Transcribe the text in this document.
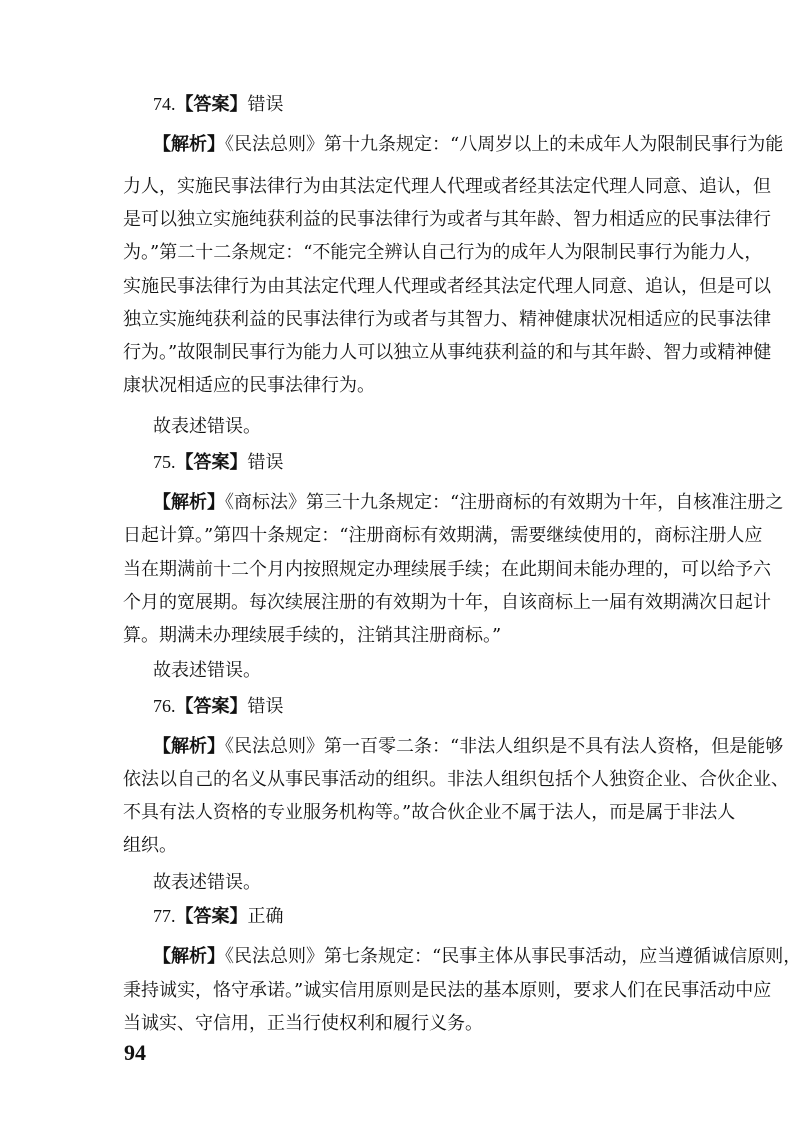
74.【答案】错误
【解析】《民法总则》第十九条规定：“八周岁以上的未成年人为限制民事行为能
力人，实施民事法律行为由其法定代理人代理或者经其法定代理人同意、追认，但
是可以独立实施纯获利益的民事法律行为或者与其年龄、智力相适应的民事法律行
为。”第二十二条规定：“不能完全辨认自己行为的成年人为限制民事行为能力人，
实施民事法律行为由其法定代理人代理或者经其法定代理人同意、追认，但是可以
独立实施纯获利益的民事法律行为或者与其智力、精神健康状况相适应的民事法律
行为。”故限制民事行为能力人可以独立从事纯获利益的和与其年龄、智力或精神健
康状况相适应的民事法律行为。
故表述错误。
75.【答案】错误
【解析】《商标法》第三十九条规定：“注册商标的有效期为十年，自核准注册之
日起计算。”第四十条规定：“注册商标有效期满，需要继续使用的，商标注册人应
当在期满前十二个月内按照规定办理续展手续；在此期间未能办理的，可以给予六
个月的宽展期。每次续展注册的有效期为十年，自该商标上一届有效期满次日起计
算。期满未办理续展手续的，注销其注册商标。”
故表述错误。
76.【答案】错误
【解析】《民法总则》第一百零二条：“非法人组织是不具有法人资格，但是能够
依法以自己的名义从事民事活动的组织。非法人组织包括个人独资企业、合伙企业、
不具有法人资格的专业服务机构等。”故合伙企业不属于法人，而是属于非法人
组织。
故表述错误。
77.【答案】正确
【解析】《民法总则》第七条规定：“民事主体从事民事活动，应当遵循诚信原则，
秉持诚实，恪守承诺。”诚实信用原则是民法的基本原则，要求人们在民事活动中应
当诚实、守信用，正当行使权利和履行义务。
94
